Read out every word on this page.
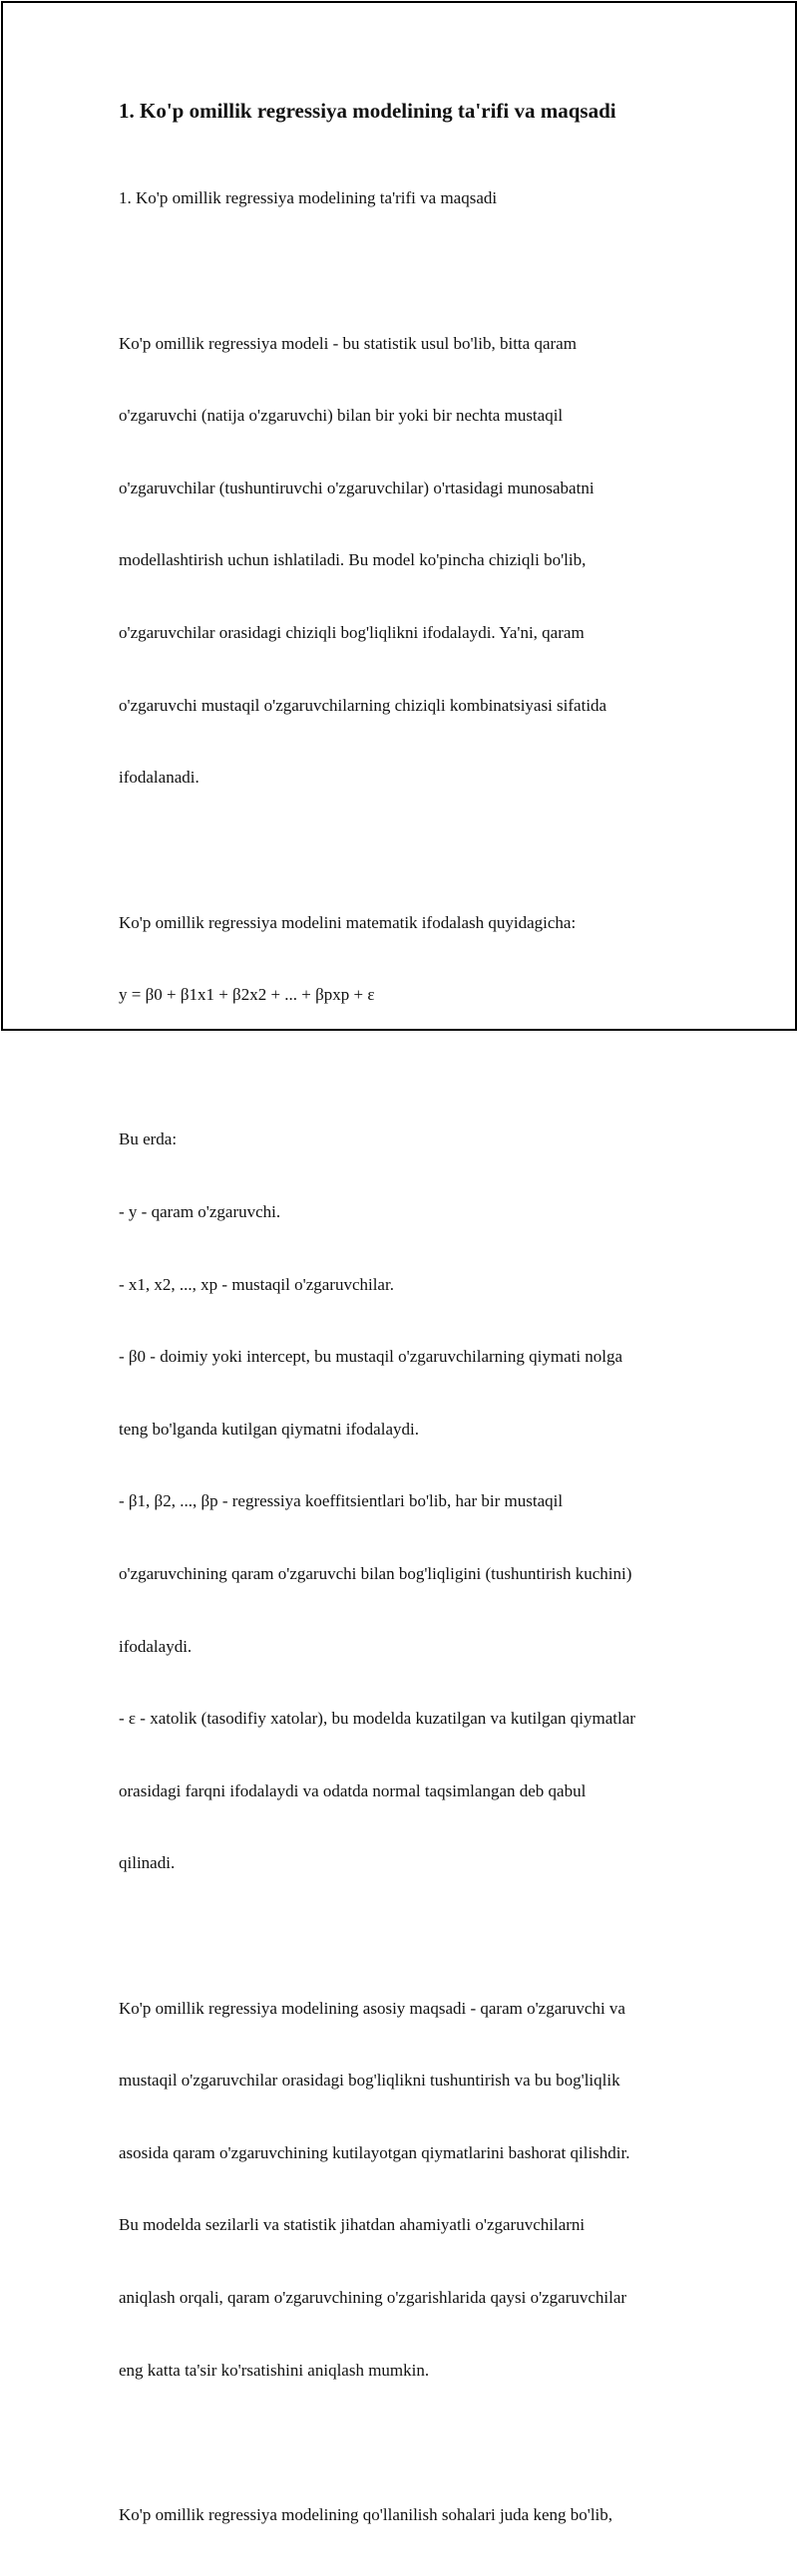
1. Ko'p omillik regressiya modelining ta'rifi va maqsadi

1. Ko'p omillik regressiya modelining ta'rifi va maqsadi

Ko'p omillik regressiya modeli - bu statistik usul bo'lib, bitta qaram

o'zgaruvchi (natija o'zgaruvchi) bilan bir yoki bir nechta mustaqil

o'zgaruvchilar (tushuntiruvchi o'zgaruvchilar) o'rtasidagi munosabatni

modellashtirish uchun ishlatiladi. Bu model ko'pincha chiziqli bo'lib,

o'zgaruvchilar orasidagi chiziqli bog'liqlikni ifodalaydi. Ya'ni, qaram

o'zgaruvchi mustaqil o'zgaruvchilarning chiziqli kombinatsiyasi sifatida

ifodalanadi.

Ko'p omillik regressiya modelini matematik ifodalash quyidagicha:

y = β0 + β1x1 + β2x2 + ... + βpxp + ε

Bu erda:

- y - qaram o'zgaruvchi.

- x1, x2, ..., xp - mustaqil o'zgaruvchilar.

- β0 - doimiy yoki intercept, bu mustaqil o'zgaruvchilarning qiymati nolga

teng bo'lganda kutilgan qiymatni ifodalaydi.

- β1, β2, ..., βp - regressiya koeffitsientlari bo'lib, har bir mustaqil

o'zgaruvchining qaram o'zgaruvchi bilan bog'liqligini (tushuntirish kuchini)

ifodalaydi.

- ε - xatolik (tasodifiy xatolar), bu modelda kuzatilgan va kutilgan qiymatlar

orasidagi farqni ifodalaydi va odatda normal taqsimlangan deb qabul

qilinadi.

Ko'p omillik regressiya modelining asosiy maqsadi - qaram o'zgaruvchi va

mustaqil o'zgaruvchilar orasidagi bog'liqlikni tushuntirish va bu bog'liqlik

asosida qaram o'zgaruvchining kutilayotgan qiymatlarini bashorat qilishdir.

Bu modelda sezilarli va statistik jihatdan ahamiyatli o'zgaruvchilarni

aniqlash orqali, qaram o'zgaruvchining o'zgarishlarida qaysi o'zgaruvchilar

eng katta ta'sir ko'rsatishini aniqlash mumkin.

Ko'p omillik regressiya modelining qo'llanilish sohalari juda keng bo'lib,
